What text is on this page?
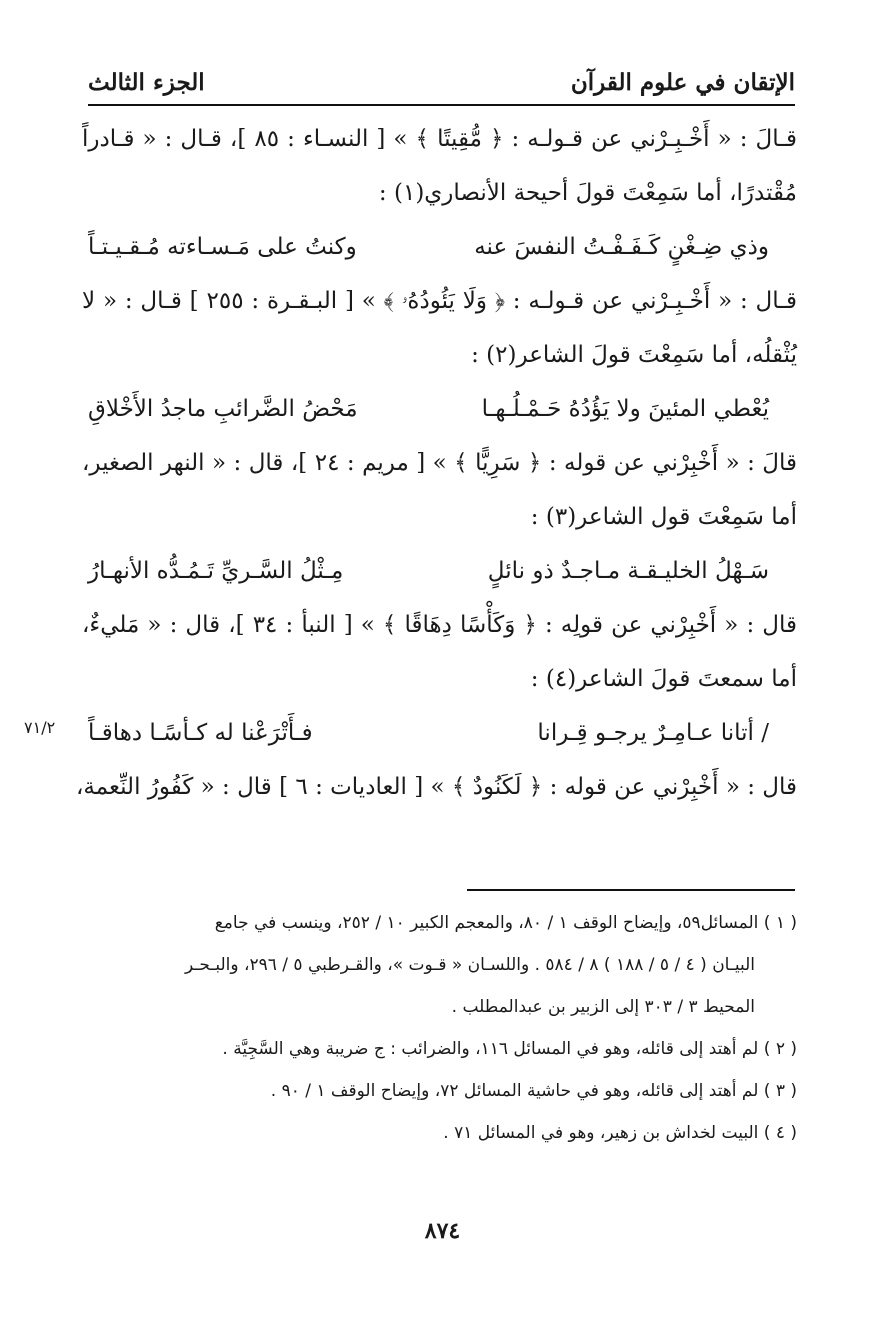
الإتقان في علوم القرآن
الجزء الثالث
قـالَ : « أَخْـبِـرْني عن قـولـه : ﴿ مُّقِيتًا ﴾ » [ النسـاء : ٨٥ ]، قـال : « قـادراً
مُقْتدرًا، أما سَمِعْتَ قولَ أحيحة الأنصاري(١) :
وذي ضِـغْنٍ كَـفَـفْـتُ النفسَ عنه
وكنتُ على مَـسـاءته مُـقـيـتـاً
قـال : « أَخْـبِـرْني عن قـولـه : ﴿ وَلَا يَئُودُهُۥ ﴾ » [ البـقـرة : ٢٥٥ ] قـال : « لا
يُثْقلُه، أما سَمِعْتَ قولَ الشاعر(٢) :
يُعْطي المئينَ ولا يَؤُدُهُ حَـمْـلُـهـا
مَحْضُ الضَّرائبِ ماجدُ الأَخْلاقِ
قالَ : « أَخْبِرْني عن قوله : ﴿ سَرِيًّا ﴾ » [ مريم : ٢٤ ]، قال : « النهر الصغير،
أما سَمِعْتَ قول الشاعر(٣) :
سَـهْلُ الخليـقـة مـاجـدٌ ذو نائلٍ
مِـثْلُ السَّـريِّ تَـمُـدُّه الأنهـارُ
قال : « أَخْبِرْني عن قولِه : ﴿ وَكَأْسًا دِهَاقًا ﴾ » [ النبأ : ٣٤ ]، قال : « مَليءٌ،
أما سمعتَ قولَ الشاعر(٤) :
/ أتانا عـامِـرٌ يرجـو قِـرانا
فـأَتْرَعْنا له كـأسًـا دهاقـاً
قال : « أَخْبِرْني عن قوله : ﴿ لَكَنُودٌ ﴾ » [ العاديات : ٦ ] قال : « كَفُورُ النِّعمة،
٧١/٢
( ١ ) المسائل٥٩، وإيضاح الوقف ١ / ٨٠، والمعجم الكبير ١٠ / ٢٥٢، وينسب في جامع
البيـان ( ٤ / ٥ / ١٨٨ ) ٨ / ٥٨٤ . واللسـان « قـوت »، والقـرطبي ٥ / ٢٩٦، والبـحـر
المحيط ٣ / ٣٠٣ إلى الزبير بن عبدالمطلب .
( ٢ ) لم أهتد إلى قائله، وهو في المسائل ١١٦، والضرائب : ج ضريبة وهي السَّجِيَّة .
( ٣ ) لم أهتد إلى قائله، وهو في حاشية المسائل ٧٢، وإيضاح الوقف ١ / ٩٠ .
( ٤ ) البيت لخداش بن زهير، وهو في المسائل ٧١ .
٨٧٤
